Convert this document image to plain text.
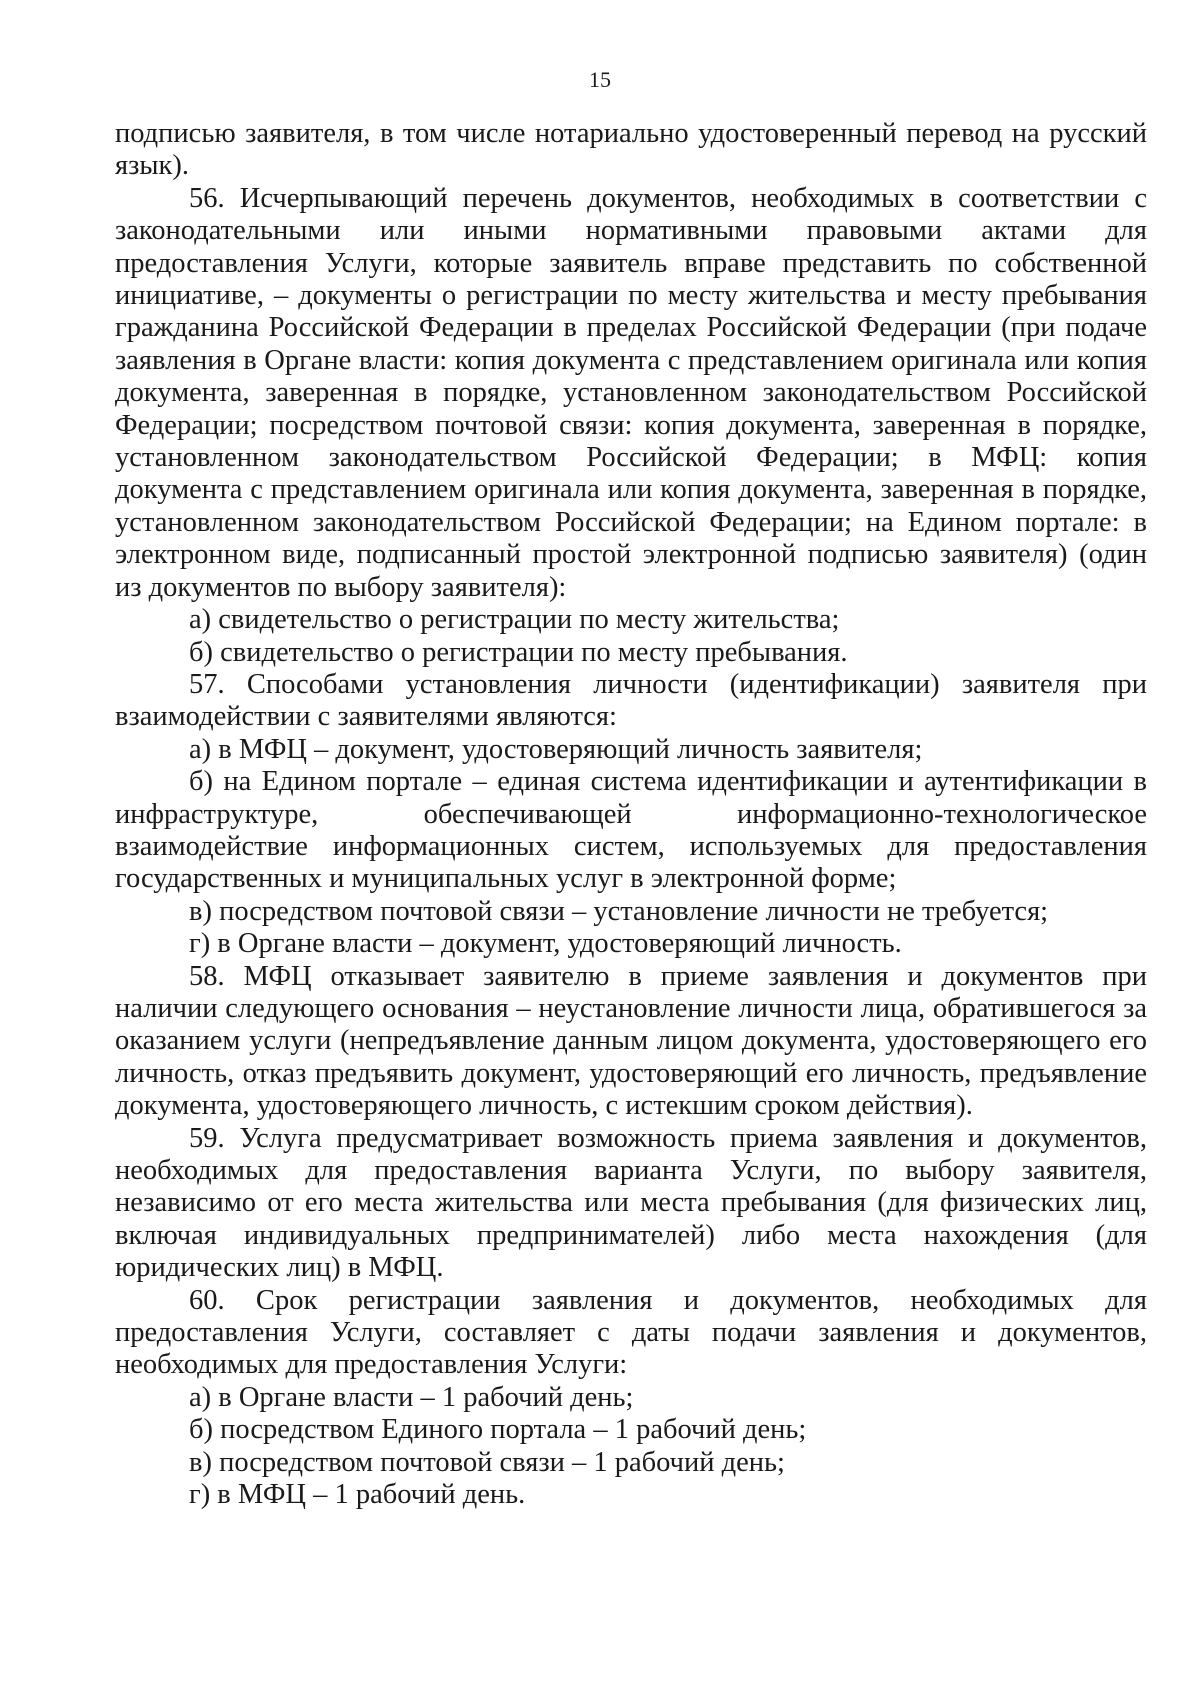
15

подписью заявителя, в том числе нотариально удостоверенный перевод на русский язык).

56. Исчерпывающий перечень документов, необходимых в соответствии с законодательными или иными нормативными правовыми актами для предоставления Услуги, которые заявитель вправе представить по собственной инициативе, – документы о регистрации по месту жительства и месту пребывания гражданина Российской Федерации в пределах Российской Федерации (при подаче заявления в Органе власти: копия документа с представлением оригинала или копия документа, заверенная в порядке, установленном законодательством Российской Федерации; посредством почтовой связи: копия документа, заверенная в порядке, установленном законодательством Российской Федерации; в МФЦ: копия документа с представлением оригинала или копия документа, заверенная в порядке, установленном законодательством Российской Федерации; на Едином портале: в электронном виде, подписанный простой электронной подписью заявителя) (один из документов по выбору заявителя):

а) свидетельство о регистрации по месту жительства;

б) свидетельство о регистрации по месту пребывания.

57. Способами установления личности (идентификации) заявителя при взаимодействии с заявителями являются:

а) в МФЦ – документ, удостоверяющий личность заявителя;

б) на Едином портале – единая система идентификации и аутентификации в инфраструктуре, обеспечивающей информационно-технологическое взаимодействие информационных систем, используемых для предоставления государственных и муниципальных услуг в электронной форме;

в) посредством почтовой связи – установление личности не требуется;

г) в Органе власти – документ, удостоверяющий личность.

58. МФЦ отказывает заявителю в приеме заявления и документов при наличии следующего основания – неустановление личности лица, обратившегося за оказанием услуги (непредъявление данным лицом документа, удостоверяющего его личность, отказ предъявить документ, удостоверяющий его личность, предъявление документа, удостоверяющего личность, с истекшим сроком действия).

59. Услуга предусматривает возможность приема заявления и документов, необходимых для предоставления варианта Услуги, по выбору заявителя, независимо от его места жительства или места пребывания (для физических лиц, включая индивидуальных предпринимателей) либо места нахождения (для юридических лиц) в МФЦ.

60. Срок регистрации заявления и документов, необходимых для предоставления Услуги, составляет с даты подачи заявления и документов, необходимых для предоставления Услуги:

а) в Органе власти – 1 рабочий день;

б) посредством Единого портала – 1 рабочий день;

в) посредством почтовой связи – 1 рабочий день;

г) в МФЦ – 1 рабочий день.
